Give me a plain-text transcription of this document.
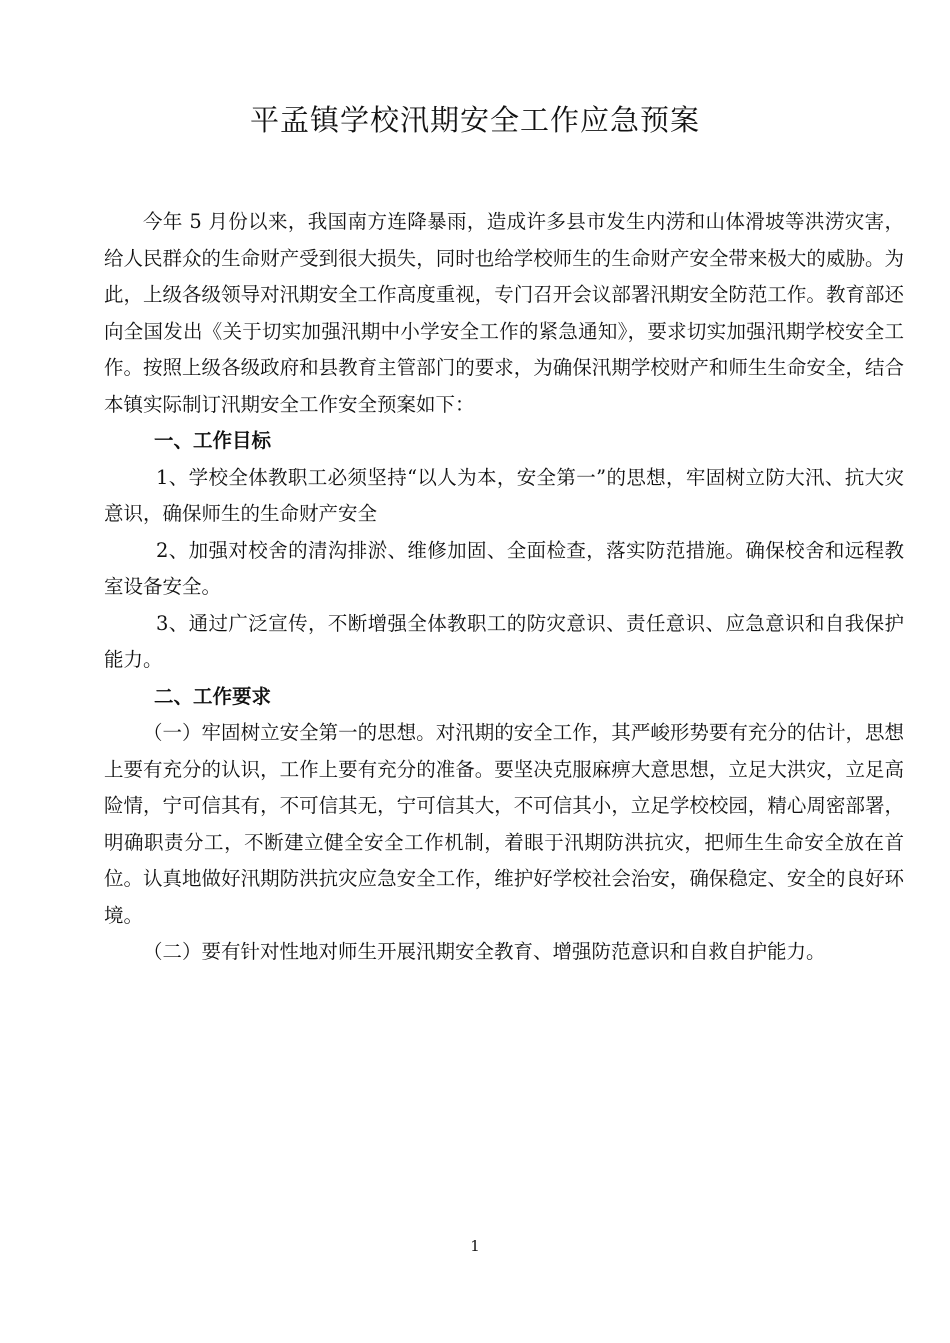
平孟镇学校汛期安全工作应急预案

今年 5 月份以来，我国南方连降暴雨，造成许多县市发生内涝和山体滑坡等洪涝灾害，给人民群众的生命财产受到很大损失，同时也给学校师生的生命财产安全带来极大的威胁。为此，上级各级领导对汛期安全工作高度重视，专门召开会议部署汛期安全防范工作。教育部还向全国发出《关于切实加强汛期中小学安全工作的紧急通知》，要求切实加强汛期学校安全工作。按照上级各级政府和县教育主管部门的要求，为确保汛期学校财产和师生生命安全，结合本镇实际制订汛期安全工作安全预案如下：

一、工作目标

1、学校全体教职工必须坚持“以人为本，安全第一”的思想，牢固树立防大汛、抗大灾意识，确保师生的生命财产安全

2、加强对校舍的清沟排淤、维修加固、全面检查，落实防范措施。确保校舍和远程教室设备安全。

3、通过广泛宣传，不断增强全体教职工的防灾意识、责任意识、应急意识和自我保护能力。

二、工作要求

（一）牢固树立安全第一的思想。对汛期的安全工作，其严峻形势要有充分的估计，思想上要有充分的认识，工作上要有充分的准备。要坚决克服麻痹大意思想，立足大洪灾，立足高险情，宁可信其有，不可信其无，宁可信其大，不可信其小，立足学校校园，精心周密部署，明确职责分工，不断建立健全安全工作机制，着眼于汛期防洪抗灾，把师生生命安全放在首位。认真地做好汛期防洪抗灾应急安全工作，维护好学校社会治安，确保稳定、安全的良好环境。

（二）要有针对性地对师生开展汛期安全教育、增强防范意识和自救自护能力。

1
